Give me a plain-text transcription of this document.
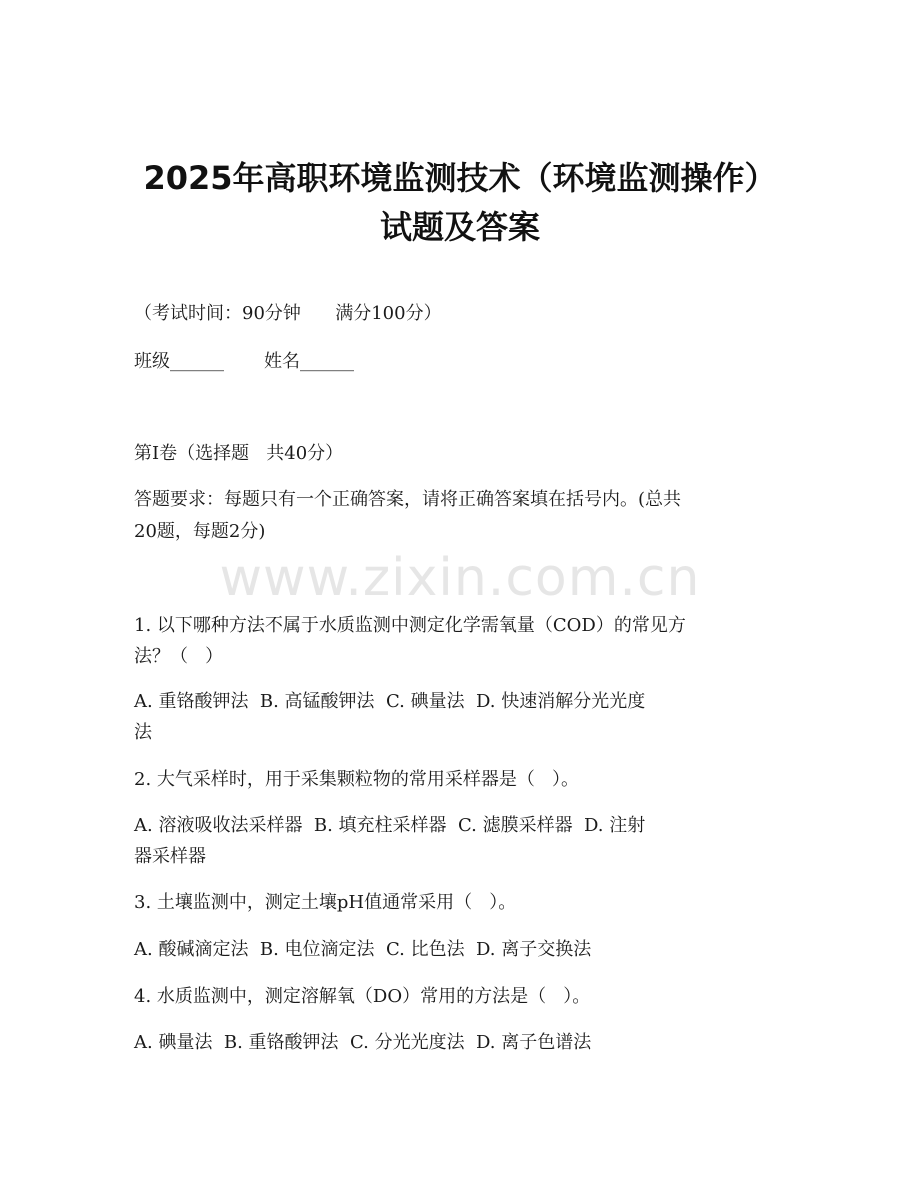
2025年高职环境监测技术（环境监测操作）
试题及答案
（考试时间：90分钟      满分100分）
班级______       姓名______
第I卷（选择题   共40分）
答题要求：每题只有一个正确答案，请将正确答案填在括号内。(总共
20题，每题2分)
www.zixin.com.cn
1. 以下哪种方法不属于水质监测中测定化学需氧量（COD）的常见方
法？（   ）
A. 重铬酸钾法  B. 高锰酸钾法  C. 碘量法  D. 快速消解分光光度
法
2. 大气采样时，用于采集颗粒物的常用采样器是（   ）。
A. 溶液吸收法采样器  B. 填充柱采样器  C. 滤膜采样器  D. 注射
器采样器
3. 土壤监测中，测定土壤pH值通常采用（   ）。
A. 酸碱滴定法  B. 电位滴定法  C. 比色法  D. 离子交换法
4. 水质监测中，测定溶解氧（DO）常用的方法是（   ）。
A. 碘量法  B. 重铬酸钾法  C. 分光光度法  D. 离子色谱法
